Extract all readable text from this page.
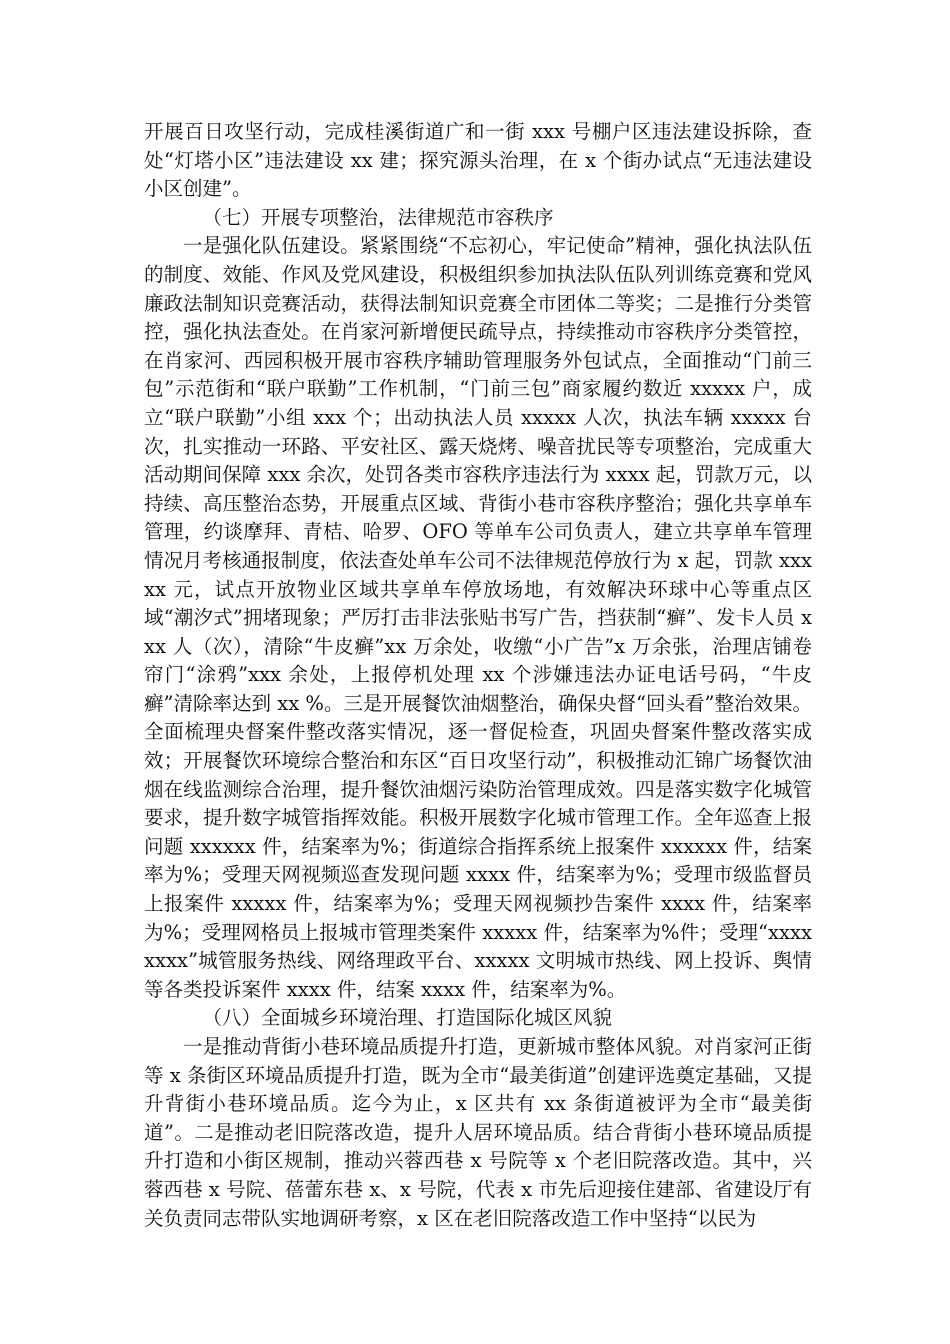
开展百日攻坚行动，完成桂溪街道广和一街 xxx 号棚户区违法建设拆除，查处“灯塔小区”违法建设 xx 建；探究源头治理，在 x 个街办试点“无违法建设小区创建”。

（七）开展专项整治，法律规范市容秩序

一是强化队伍建设。紧紧围绕“不忘初心，牢记使命”精神，强化执法队伍的制度、效能、作风及党风建设，积极组织参加执法队伍队列训练竞赛和党风廉政法制知识竞赛活动，获得法制知识竞赛全市团体二等奖；二是推行分类管控，强化执法查处。在肖家河新增便民疏导点，持续推动市容秩序分类管控，在肖家河、西园积极开展市容秩序辅助管理服务外包试点，全面推动“门前三包”示范街和“联户联勤”工作机制，“门前三包”商家履约数近 xxxxx 户，成立“联户联勤”小组 xxx 个；出动执法人员 xxxxx 人次，执法车辆 xxxxx 台次，扎实推动一环路、平安社区、露天烧烤、噪音扰民等专项整治，完成重大活动期间保障 xxx 余次，处罚各类市容秩序违法行为 xxxx 起，罚款万元，以持续、高压整治态势，开展重点区域、背街小巷市容秩序整治；强化共享单车管理，约谈摩拜、青桔、哈罗、OFO 等单车公司负责人，建立共享单车管理情况月考核通报制度，依法查处单车公司不法律规范停放行为 x 起，罚款 xxxxx 元，试点开放物业区域共享单车停放场地，有效解决环球中心等重点区域“潮汐式”拥堵现象；严厉打击非法张贴书写广告，挡获制“癣”、发卡人员 xxx 人（次），清除“牛皮癣”xx 万余处，收缴“小广告”x 万余张，治理店铺卷帘门“涂鸦”xxx 余处，上报停机处理 xx 个涉嫌违法办证电话号码，“牛皮癣”清除率达到 xx %。三是开展餐饮油烟整治，确保央督“回头看”整治效果。全面梳理央督案件整改落实情况，逐一督促检查，巩固央督案件整改落实成效；开展餐饮环境综合整治和东区“百日攻坚行动”，积极推动汇锦广场餐饮油烟在线监测综合治理，提升餐饮油烟污染防治管理成效。四是落实数字化城管要求，提升数字城管指挥效能。积极开展数字化城市管理工作。全年巡查上报问题 xxxxxx 件，结案率为%；街道综合指挥系统上报案件 xxxxxx 件，结案率为%；受理天网视频巡查发现问题 xxxx 件，结案率为%；受理市级监督员上报案件 xxxxx 件，结案率为%；受理天网视频抄告案件 xxxx 件，结案率为%；受理网格员上报城市管理类案件 xxxxx 件，结案率为%件；受理“xxxxxxxx”城管服务热线、网络理政平台、xxxxx 文明城市热线、网上投诉、舆情等各类投诉案件 xxxx 件，结案 xxxx 件，结案率为%。

（八）全面城乡环境治理、打造国际化城区风貌

一是推动背街小巷环境品质提升打造，更新城市整体风貌。对肖家河正街等 x 条街区环境品质提升打造，既为全市“最美街道”创建评选奠定基础，又提升背街小巷环境品质。迄今为止，x 区共有 xx 条街道被评为全市“最美街道”。二是推动老旧院落改造，提升人居环境品质。结合背街小巷环境品质提升打造和小街区规制，推动兴蓉西巷 x 号院等 x 个老旧院落改造。其中，兴蓉西巷 x 号院、蓓蕾东巷 x、x 号院，代表 x 市先后迎接住建部、省建设厅有关负责同志带队实地调研考察，x 区在老旧院落改造工作中坚持“以民为
